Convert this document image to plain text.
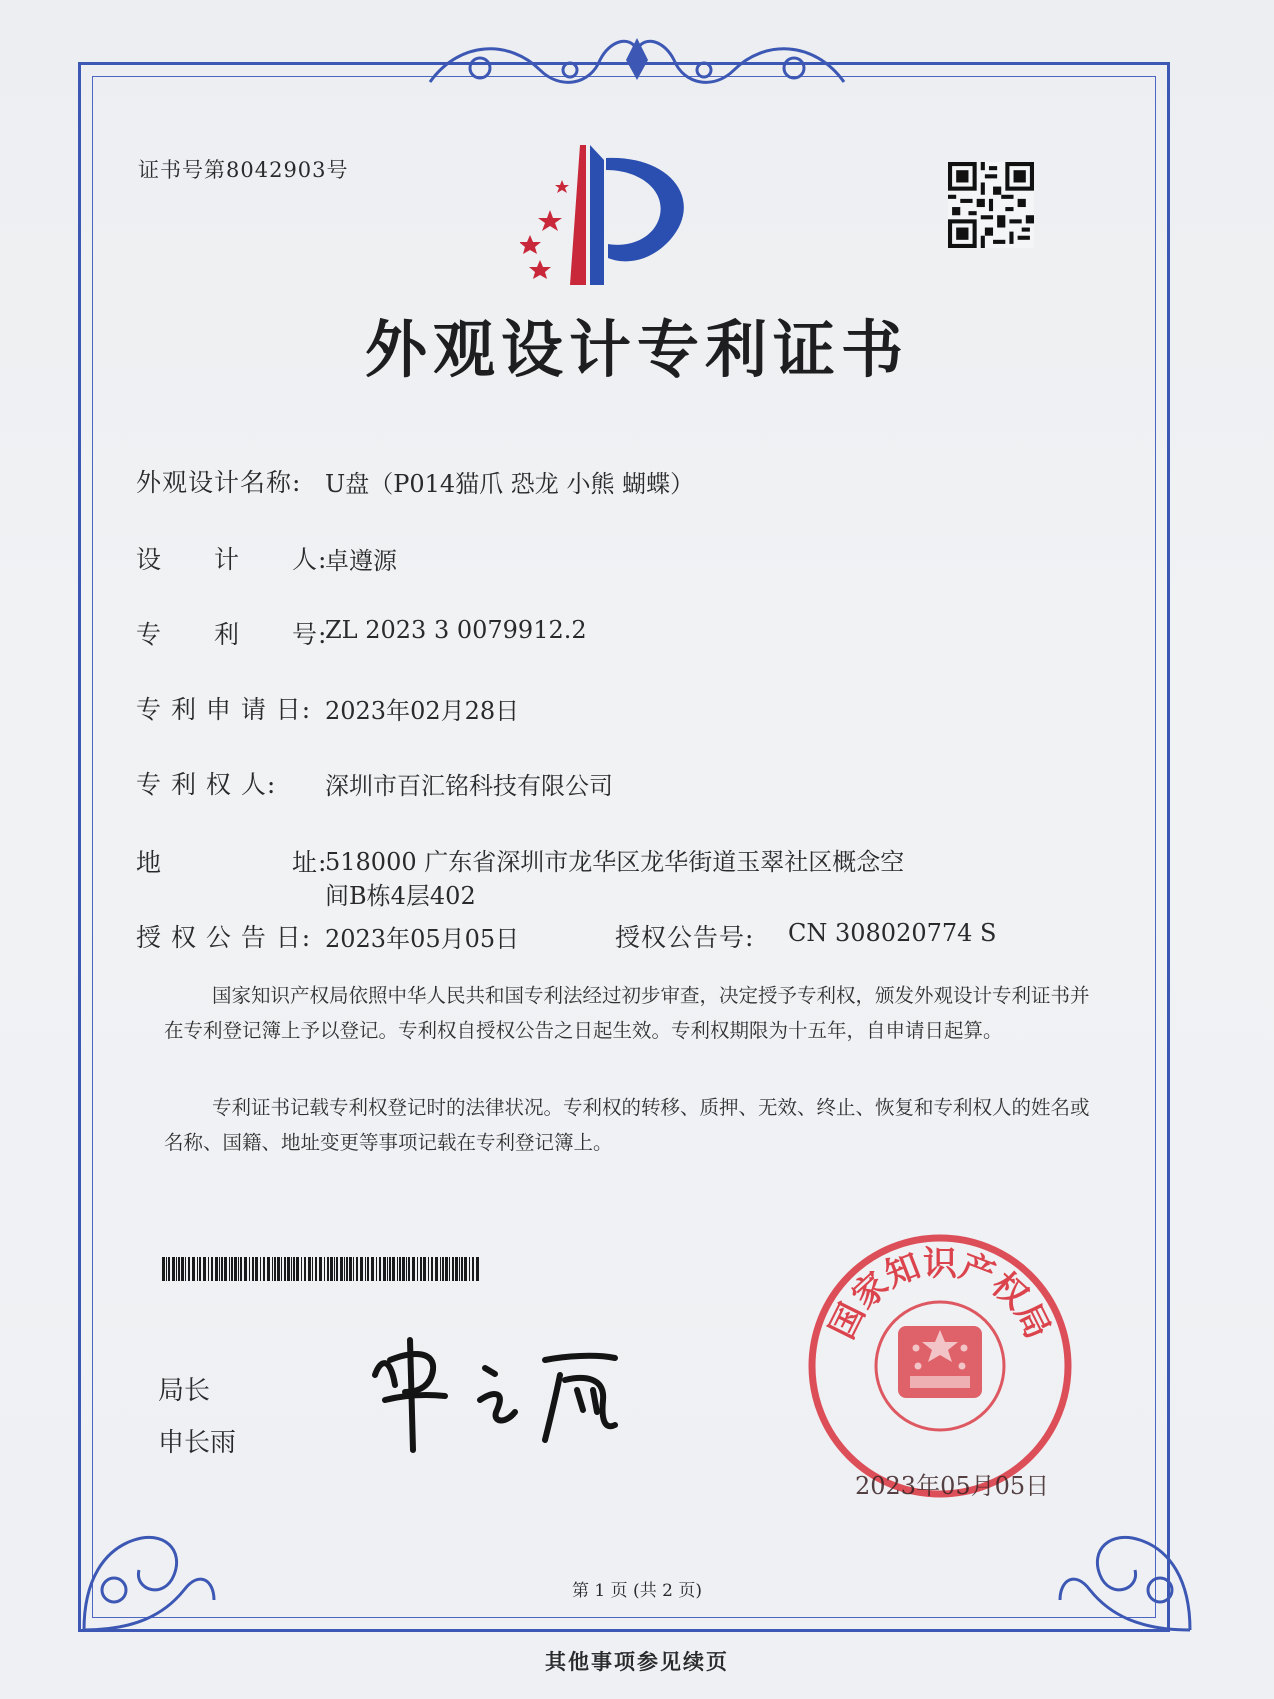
证书号第8042903号
外观设计专利证书
外观设计名称: U盘（P014猫爪 恐龙 小熊 蝴蝶）
设　　计　　人:
卓遵源
专　　利　　号:
ZL 2023 3 0079912.2
专 利 申 请 日: 2023年02月28日
专 利 权 人: 深圳市百汇铭科技有限公司
地　　　　　址:
518000 广东省深圳市龙华区龙华街道玉翠社区概念空
间B栋4层402
授 权 公 告 日: 2023年05月05日	授权公告号: CN 308020774 S
国家知识产权局依照中华人民共和国专利法经过初步审查，决定授予专利权，颁发外观设计专利证书并在专利登记簿上予以登记。专利权自授权公告之日起生效。专利权期限为十五年，自申请日起算。
专利证书记载专利权登记时的法律状况。专利权的转移、质押、无效、终止、恢复和专利权人的姓名或名称、国籍、地址变更等事项记载在专利登记簿上。
局长
申长雨
国家知识产权局
2023年05月05日
第 1 页 (共 2 页)
其他事项参见续页
